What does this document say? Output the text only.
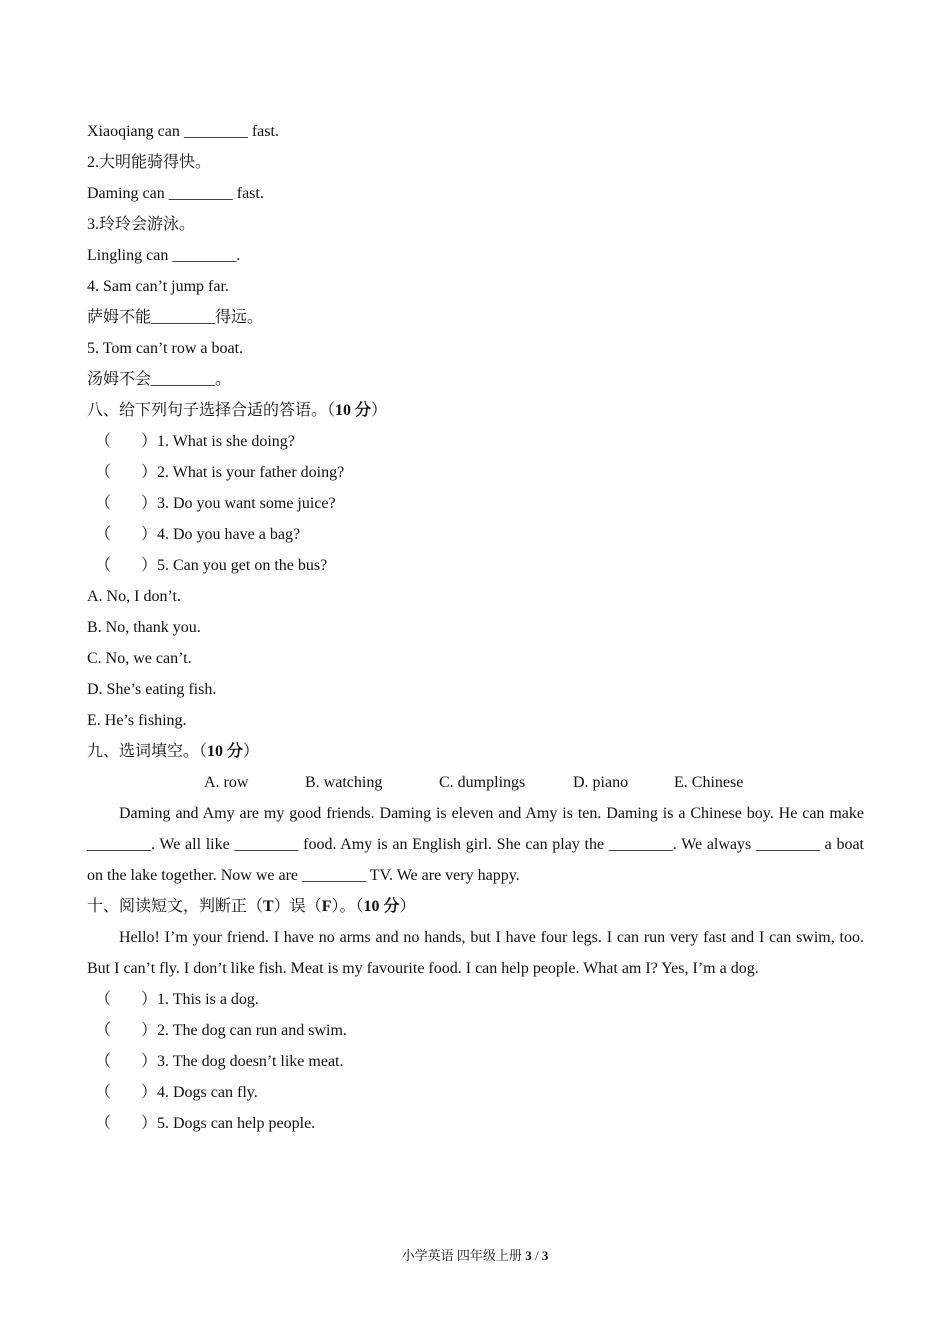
Xiaoqiang can ________ fast.
2.大明能骑得快。
Daming can ________ fast.
3.玲玲会游泳。
Lingling can ________.
4. Sam can’t jump far.
萨姆不能________得远。
5. Tom can’t row a boat.
汤姆不会________。
八、给下列句子选择合适的答语。（10 分）
（ ）1. What is she doing?
（ ）2. What is your father doing?
（ ）3. Do you want some juice?
（ ）4. Do you have a bag?
（ ）5. Can you get on the bus?
A. No, I don’t.
B. No, thank you.
C. No, we can’t.
D. She’s eating fish.
E. He’s fishing.
九、选词填空。（10 分）
A. row	B. watching	C. dumplings	D. piano	E. Chinese

Daming and Amy are my good friends. Daming is eleven and Amy is ten. Daming is a Chinese boy. He can make ________. We all like ________ food. Amy is an English girl. She can play the ________. We always ________ a boat on the lake together. Now we are ________ TV. We are very happy.

十、阅读短文，判断正（T）误（F）。（10 分）

Hello! I’m your friend. I have no arms and no hands, but I have four legs. I can run very fast and I can swim, too. But I can’t fly. I don’t like fish. Meat is my favourite food. I can help people. What am I? Yes, I’m a dog.

（ ）1. This is a dog.
（ ）2. The dog can run and swim.
（ ）3. The dog doesn’t like meat.
（ ）4. Dogs can fly.
（ ）5. Dogs can help people.
小学英语 四年级上册 3 / 3
